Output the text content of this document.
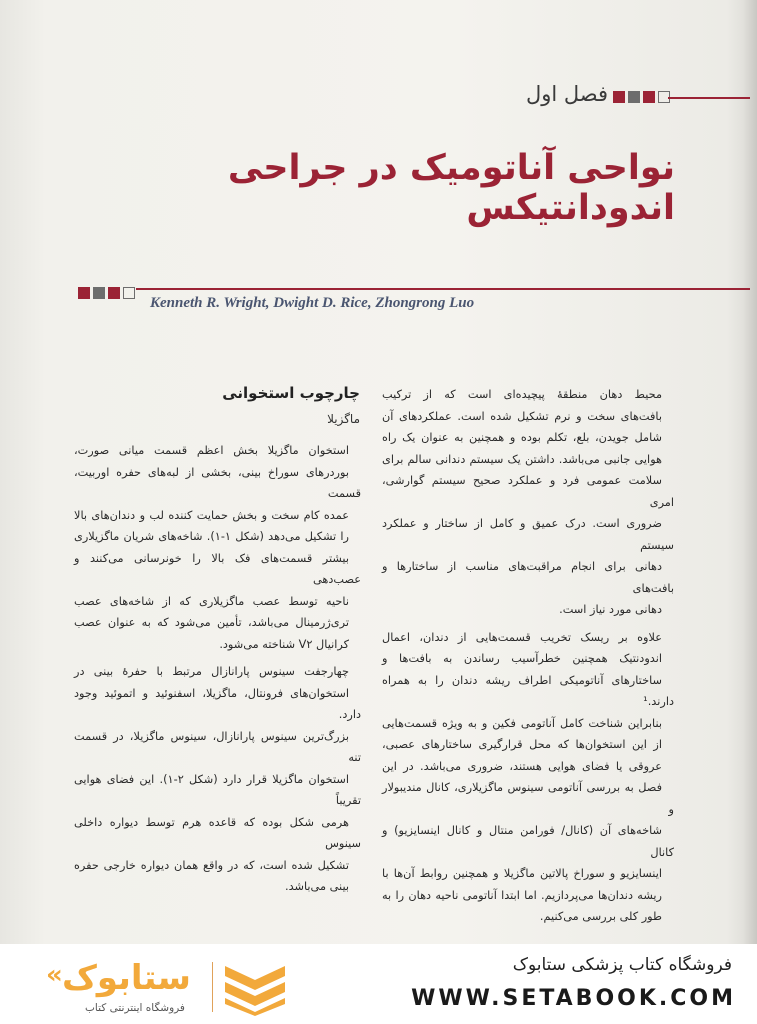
فصل اول
نواحی آناتومیک در جراحی اندودانتیکس
Kenneth R. Wright, Dwight D. Rice, Zhongrong Luo

محیط دهان منطقۀ پیچیده‌ای است که از ترکیب
بافت‌های سخت و نرم تشکیل شده است. عملکردهای آن
شامل جویدن، بلع، تکلم بوده و همچنین به عنوان یک راه
هوایی جانبی می‌باشد. داشتن یک سیستم دندانی سالم برای
سلامت عمومی فرد و عملکرد صحیح سیستم گوارشی، امری
ضروری است. درک عمیق و کامل از ساختار و عملکرد سیستم
دهانی برای انجام مراقبت‌های مناسب از ساختارها و بافت‌های
دهانی مورد نیاز است.

علاوه بر ریسک تخریب قسمت‌هایی از دندان، اعمال
اندودنتیک همچنین خطرآسیب رساندن به بافت‌ها و
ساختارهای آناتومیکی اطراف ریشه دندان را به همراه دارند.¹
بنابراین شناخت کامل آناتومی فکین و به ویژه قسمت‌هایی
از این استخوان‌ها که محل قرارگیری ساختارهای عصبی،
عروقی یا فضای هوایی هستند، ضروری می‌باشد. در این
فصل به بررسی آناتومی سینوس ماگزیلاری، کانال مندیبولار و
شاخه‌های آن (کانال/ فورامن منتال و کانال اینسایزیو) و کانال
اینسایزیو و سوراخ پالاتین ماگزیلا و همچنین روابط آن‌ها با
ریشه دندان‌ها می‌پردازیم. اما ابتدا آناتومی ناحیه دهان را به
طور کلی بررسی می‌کنیم.

چارچوب استخوانی
ماگزیلا

استخوان ماگزیلا بخش اعظم قسمت میانی صورت،
بوردرهای سوراخ بینی، بخشی از لبه‌های حفره اوربیت، قسمت
عمده کام سخت و بخش حمایت کننده لب و دندان‌های بالا
را تشکیل می‌دهد (شکل ۱-۱). شاخه‌های شریان ماگزیلاری
بیشتر قسمت‌های فک بالا را خونرسانی می‌کنند و عصب‌دهی
ناحیه توسط عصب ماگزیلاری که از شاخه‌های عصب
تری‌ژرمینال می‌باشد، تأمین می‌شود که به عنوان عصب
کرانیال V۲ شناخته می‌شود.

چهارجفت سینوس پارانازال مرتبط با حفرهٔ بینی در
استخوان‌های فرونتال، ماگزیلا، اسفنوئید و اتموئید وجود دارد.
بزرگ‌ترین سینوس پارانازال، سینوس ماگزیلا، در قسمت تنه
استخوان ماگزیلا قرار دارد (شکل ۲-۱). این فضای هوایی تقریباً
هرمی شکل بوده که قاعده هرم توسط دیواره داخلی سینوس
تشکیل شده است، که در واقع همان دیواره خارجی حفره
بینی می‌باشد.

« ستابوک
فروشگاه اینترنتی کتاب
فروشگاه کتاب پزشکی ستابوک
WWW.SETABOOK.COM
